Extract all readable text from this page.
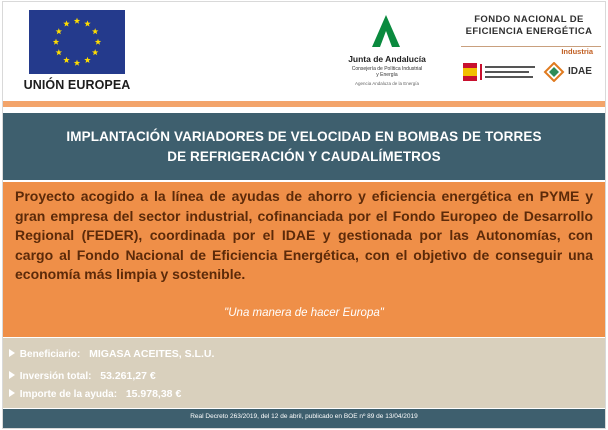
UNIÓN EUROPEA
Junta de Andalucía
Consejería de Política Industrial
y Energía
Agencia Andaluza de la Energía
FONDO NACIONAL DE
EFICIENCIA ENERGÉTICA
Industria
IDAE
IMPLANTACIÓN VARIADORES DE VELOCIDAD EN BOMBAS DE TORRES
DE REFRIGERACIÓN Y CAUDALÍMETROS
Proyecto acogido a la línea de ayudas de ahorro y eficiencia energética en PYME y gran empresa del sector industrial, cofinanciada por el Fondo Europeo de Desarrollo Regional (FEDER), coordinada por el IDAE y gestionada por las Autonomías, con cargo al Fondo Nacional de Eficiencia Energética, con el objetivo de conseguir una economía más limpia y sostenible.
"Una manera de hacer Europa"
Beneficiario: MIGASA ACEITES, S.L.U.
Inversión total: 53.261,27 €
Importe de la ayuda: 15.978,38 €
Real Decreto 263/2019, del 12 de abril, publicado en BOE nº 89 de 13/04/2019
